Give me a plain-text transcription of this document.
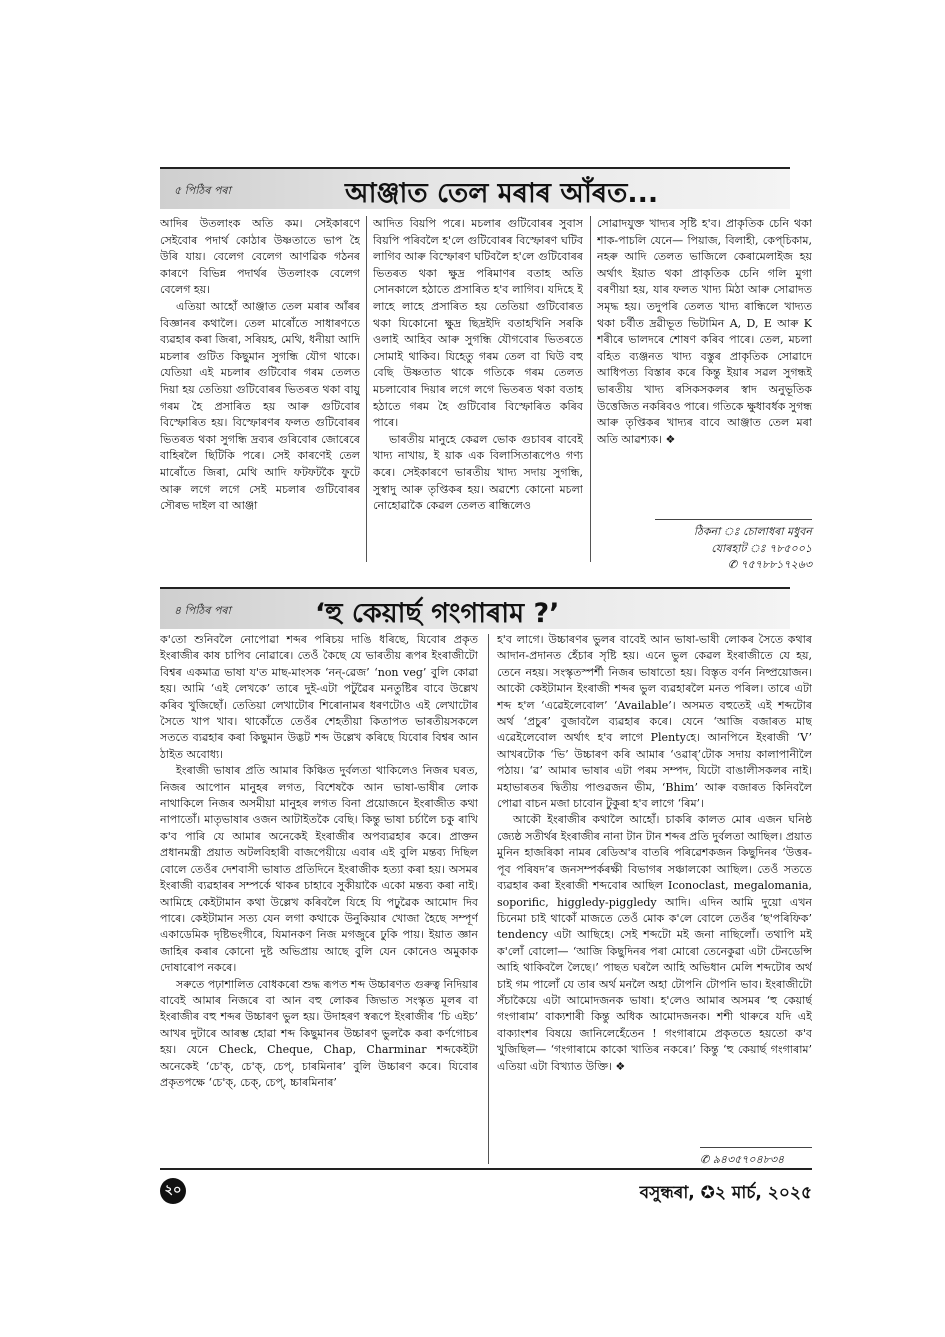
৫ পিঠিৰ পৰা	আঞ্জাত তেল মৰাৰ আঁৰত...

আদিৰ উতলাংক অতি কম। সেইকাৰণে সেইবোৰ পদাৰ্থ কোঠাৰ উষ্ণতাতে ভাপ হৈ উৰি যায়। বেলেগ বেলেগ আণৱিক গঠনৰ কাৰণে বিভিন্ন পদাৰ্থৰ উতলাংক বেলেগ বেলেগ হয়।

এতিয়া আহোঁ আঞ্জাত তেল মৰাৰ আঁৰৰ বিজ্ঞানৰ কথালৈ। তেল মাৰোঁতে সাধাৰণতে ব্যৱহাৰ কৰা জিৰা, সৰিয়হ, মেথি, ধনীয়া আদি মচলাৰ গুটিত কিছুমান সুগন্ধি যৌগ থাকে। যেতিয়া এই মচলাৰ গুটিবোৰ গৰম তেলত দিয়া হয় তেতিয়া গুটিবোৰৰ ভিতৰত থকা বায়ু গৰম হৈ প্ৰসাৰিত হয় আৰু গুটিবোৰ বিস্ফোৰিত হয়। বিস্ফোৰণৰ ফলত গুটিবোৰৰ ভিতৰত থকা সুগন্ধি দ্ৰব্যৰ গুৰিবোৰ জোৰেৰে বাহিৰলৈ ছিটিকি পৰে। সেই কাৰণেই তেল মাৰোঁতে জিৰা, মেথি আদি ফটফটকৈ ফুটে আৰু লগে লগে সেই মচলাৰ গুটিবোৰৰ সৌৰভ দাইল বা আঞ্জা

আদিত বিয়পি পৰে। মচলাৰ গুটিবোৰৰ সুবাস বিয়পি পৰিবলৈ হ'লে গুটিবোৰৰ বিস্ফোৰণ ঘটিব লাগিব আৰু বিস্ফোৰণ ঘটিবলৈ হ'লে গুটিবোৰৰ ভিতৰত থকা ক্ষুদ্ৰ পৰিমাণৰ বতাহ অতি সোনকালে হঠাতে প্ৰসাৰিত হ'ব লাগিব। যদিহে ই লাহে লাহে প্ৰসাৰিত হয় তেতিয়া গুটিবোৰত থকা যিকোনো ক্ষুদ্ৰ ছিদ্ৰইদি বতাহখিনি সৰকি ওলাই আহিব আৰু সুগন্ধি যৌগবোৰ ভিতৰতে সোমাই থাকিব। যিহেতু গৰম তেল বা ঘিউ বহু বেছি উষ্ণতাত থাকে গতিকে গৰম তেলত মচলাবোৰ দিয়াৰ লগে লগে ভিতৰত থকা বতাহ হঠাতে গৰম হৈ গুটিবোৰ বিস্ফোৰিত কৰিব পাৰে।

ভাৰতীয় মানুহে কেৱল ভোক গুচাবৰ বাবেই খাদ্য নাখায়, ই য়াক এক বিলাসিতাৰূপেও গণ্য কৰে। সেইকাৰণে ভাৰতীয় খাদ্য সদায় সুগন্ধি, সুস্বাদু আৰু তৃপ্তিকৰ হয়। অৱশ্যে কোনো মচলা নোহোৱাকৈ কেৱল তেলত ৰান্ধিলেও

সোৱাদযুক্ত খাদ্যৰ সৃষ্টি হ'ব। প্ৰাকৃতিক চেনি থকা শাক-পাচলি যেনে— পিয়াজ, বিলাহী, কেপ্‌চিকাম, নহৰু আদি তেলত ভাজিলে কেৰামেলাইজ হয় অৰ্থাৎ ইয়াত থকা প্ৰাকৃতিক চেনি গলি মুগা বৰণীয়া হয়, যাৰ ফলত খাদ্য মিঠা আৰু সোৱাদত সমৃদ্ধ হয়। তদুপৰি তেলত খাদ্য ৰান্ধিলে খাদ্যত থকা চৰ্বীত দ্ৰৱীভূত ভিটামিন A, D, E আৰু K শৰীৰে ভালদৰে শোষণ কৰিব পাৰে। তেল, মচলা বহিত ব্যঞ্জনত খাদ্য বস্তুৰ প্ৰাকৃতিক সোৱাদে আধিপত্য বিস্তাৰ কৰে কিন্তু ইয়াৰ সৱল সুগন্ধই ভাৰতীয় খাদ্য ৰসিকসকলৰ স্বাদ অনুভূতিক উত্তেজিত নকৰিবও পাৰে। গতিকে ক্ষুধাবৰ্ধক সুগন্ধ আৰু তৃপ্তিকৰ খাদ্যৰ বাবে আঞ্জাত তেল মৰা অতি আৱশ্যক। ❖

ঠিকনা ঃ চোলাধৰা মধুবন
যোৰহাট ঃ ৭৮৫০০১
✆ ৭৫৭৮৮১৭২৬৩
৪ পিঠিৰ পৰা	‘হু কেয়াৰ্ছ গংগাৰাম ?’

ক'তো শুনিবলৈ নোপোৱা শব্দৰ পৰিচয় দাঙি ধৰিছে, যিবোৰ প্ৰকৃত ইংৰাজীৰ কাষ চাপিব নোৱাৰে। তেওঁ কৈছে যে ভাৰতীয় ৰূপৰ ইংৰাজীটো বিশ্বৰ একমাত্ৰ ভাষা য'ত মাছ-মাংসক ‘নন্‌-ৱেজ’ ‘non veg’ বুলি কোৱা হয়। আমি ‘এই লেখকে’ তাৰে দুই-এটা পটুৱৈৰ মনতুষ্টিৰ বাবে উল্লেখ কৰিব খুজিছোঁ। তেতিয়া লেখাটোৰ শিৰোনামৰ ধৰণটোও এই লেখাটোৰ সৈতে খাপ খাব। থাকোঁতে তেওঁৰ শেহতীয়া কিতাপত ভাৰতীয়সকলে সততে ব্যৱহাৰ কৰা কিছুমান উদ্ভট শব্দ উল্লেখ কৰিছে যিবোৰ বিশ্বৰ আন ঠাইত অবোধ্য।

ইংৰাজী ভাষাৰ প্ৰতি আমাৰ কিঞ্চিত দুৰ্বলতা থাকিলেও নিজৰ ঘৰত, নিজৰ আপোন মানুহৰ লগত, বিশেষকৈ আন ভাষা-ভাষীৰ লোক নাথাকিলে নিজৰ অসমীয়া মানুহৰ লগত বিনা প্ৰয়োজনে ইংৰাজীত কথা নাপাতোঁ। মাতৃভাষাৰ ওজন আটাইতকৈ বেছি। কিন্তু ভাষা চৰ্চালৈ চকু ৰাখি ক'ব পাৰি যে আমাৰ অনেকেই ইংৰাজীৰ অপব্যৱহাৰ কৰে। প্ৰাক্তন প্ৰধানমন্ত্ৰী প্ৰয়াত অটলবিহাৰী বাজপেয়ীয়ে এবাৰ এই বুলি মন্তব্য দিছিল বোলে তেওঁৰ দেশবাসী ভাষাত প্ৰতিদিনে ইংৰাজীক হত্যা কৰা হয়। অসমৰ ইংৰাজী ব্যৱহাৰৰ সম্পৰ্কে থাকৰ চাহাবে সুকীয়াকৈ একো মন্তব্য কৰা নাই। আমিহে কেইটামান কথা উল্লেখ কৰিবলৈ যিহে যি পঢ়ুৱৈক আমোদ দিব পাৰে। কেইটামান সত্য যেন লগা কথাকে উনুকিয়াৰ খোজা হৈছে সম্পূৰ্ণ একাডেমিক দৃষ্টিভংগীৰে, যিমানকণ নিজ মগজুৰে ঢুকি পায়। ইয়াত জ্ঞান জাহিৰ কৰাৰ কোনো দুষ্ট অভিপ্ৰায় আছে বুলি যেন কোনেও অমুকাক দোষাৰোপ নকৰে।

সৰুতে পঢ়াশালিত বোধকৰো শুদ্ধ ৰূপত শব্দ উচ্চাৰণত গুৰুত্ব নিদিয়াৰ বাবেই আমাৰ নিজৰে বা আন বহু লোকৰ জিভাত সংস্কৃত মূলৰ বা ইংৰাজীৰ বহু শব্দৰ উচ্চাৰণ ভুল হয়। উদাহৰণ স্বৰূপে ইংৰাজীৰ ‘চি এইচ’ আখৰ দুটাৰে আৰম্ভ হোৱা শব্দ কিছুমানৰ উচ্চাৰণ ভুলকৈ কৰা কৰ্ণগোচৰ হয়। যেনে Check, Cheque, Chap, Charminar শব্দকেইটা অনেকেই ‘চে'ক্, চে'ক্, চেপ্, চাৰমিনাৰ’ বুলি উচ্চাৰণ কৰে। যিবোৰ প্ৰকৃতপক্ষে ‘চে'ক্, চেক্, চেপ্, চ্চাৰমিনাৰ’

হ'ব লাগে। উচ্চাৰণৰ ভুলৰ বাবেই আন ভাষা-ভাষী লোকৰ সৈতে কথাৰ আদান-প্ৰদানত হেঁচাৰ সৃষ্টি হয়। এনে ভুল কেৱল ইংৰাজীতে যে হয়, তেনে নহয়। সংস্কৃতস্পৰ্শী নিজৰ ভাষাতো হয়। বিস্তৃত বৰ্ণন নিষ্প্ৰয়োজন। আকৌ কেইটামান ইংৰাজী শব্দৰ ভুল ব্যৱহাৰলৈ মনত পৰিল। তাৰে এটা শব্দ হ'ল ‘এৱেইলেবোল’ ‘Available’। অসমত বহুতেই এই শব্দটোৰ অৰ্থ ‘প্ৰচুৰ’ বুজাবলৈ ব্যৱহাৰ কৰে। যেনে ‘আজি বজাৰত মাছ এৱেইলেবোল অৰ্থাৎ হ'ব লাগে Plentyহে। আনপিনে ইংৰাজী ‘V’ আখৰটোক ‘ভি’ উচ্চাৰণ কৰি আমাৰ ‘ওৱাৰ্’টোক সদায় কালাপানীলৈ পঠায়। ‘ৱ’ আমাৰ ভাষাৰ এটা পৰম সম্পদ, যিটো বাঙালীসকলৰ নাই। মহাভাৰতৰ দ্বিতীয় পাণ্ডৱজন ভীম, ‘Bhim’ আৰু বজাৰত কিনিবলৈ পোৱা বাচন মজা চাবোন টুকুৰা হ'ব লাগে ‘ৰিম’।

আকৌ ইংৰাজীৰ কথালৈ আহোঁ। চাকৰি কালত মোৰ এজন ঘনিষ্ঠ জ্যেষ্ঠ সতীৰ্থৰ ইংৰাজীৰ নানা টান টান শব্দৰ প্ৰতি দুৰ্বলতা আছিল। প্ৰয়াত মুনিন হাজৰিকা নামৰ ৰেডিঅ'ৰ বাতৰি পৰিৱেশকজন কিছুদিনৰ ‘উত্তৰ-পূব পৰিষদ’ৰ জনসম্পৰ্কৰক্ষী বিভাগৰ সঞ্চালকো আছিল। তেওঁ সততে ব্যৱহাৰ কৰা ইংৰাজী শব্দবোৰ আছিল Iconoclast, megalomania, soporific, higgledy-piggledy আদি। এদিন আমি দুয়ো এখন চিনেমা চাই থাকোঁ মাজতে তেওঁ মোক ক'লে বোলে তেওঁৰ ‘ছ'পৰিফিক’ tendency এটা আছিহে। সেই শব্দটো মই জনা নাছিলোঁ। তথাপি মই ক'লোঁ বোলো— ‘আজি কিছুদিনৰ পৰা মোৰো তেনেকুৱা এটা টেনডেন্সি আহি থাকিবলৈ লৈছে।’ পাছত ঘৰলৈ আহি অভিধান মেলি শব্দটোৰ অৰ্থ চাই গম পালোঁ যে তাৰ অৰ্থ মনলৈ অহা টোপনি টোপনি ভাব। ইংৰাজীটো সঁচাকৈয়ে এটা আমোদজনক ভাষা। হ'লেও আমাৰ অসমৰ ‘হু কেয়াৰ্ছ গংগাৰাম’ বাক্যশাৰী কিন্তু অধিক আমোদজনক। শশী থাৰুৰে যদি এই বাক্যাংশৰ বিষয়ে জানিলেহেঁতেন ! গংগাৰামে প্ৰকৃততে হয়তো ক'ব খুজিছিল— ‘গংগাৰামে কাকো খাতিৰ নকৰে।’ কিন্তু ‘হু কেয়াৰ্ছ গংগাৰাম’ এতিয়া এটা বিখ্যাত উক্তি। ❖

✆ ৯৪৩৫৭০৪৮৩৪
২০	বসুন্ধৰা, ✪২ মাৰ্চ, ২০২৫
